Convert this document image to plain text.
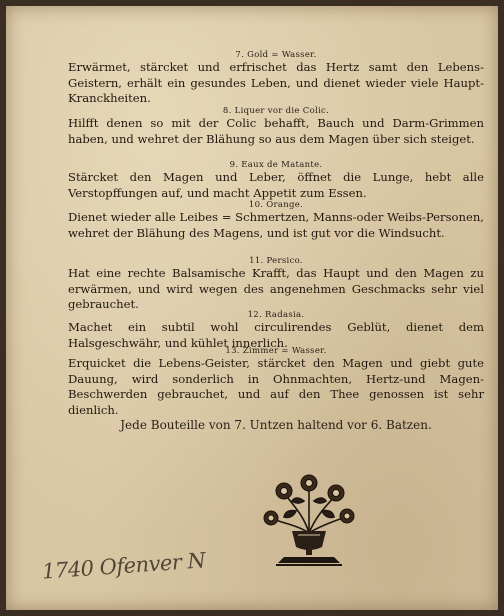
7. Gold = Wasser.
Erwärmet, stärcket und erfrischet das Hertz samt den Lebens-Geistern, erhält ein gesundes Leben, und dienet wieder viele Haupt-Kranckheiten.
8. Liquer vor die Colic.
Hilfft denen so mit der Colic behafft, Bauch und Darm-Grimmen haben, und wehret der Blähung so aus dem Magen über sich steiget.
9. Eaux de Matante.
Stärcket den Magen und Leber, öffnet die Lunge, hebt alle Verstopffungen auf, und macht Appetit zum Essen.
10. Orange.
Dienet wieder alle Leibes = Schmertzen, Manns-oder Weibs-Personen, wehret der Blähung des Magens, und ist gut vor die Windsucht.
11. Persico.
Hat eine rechte Balsamische Krafft, das Haupt und den Magen zu erwärmen, und wird wegen des angenehmen Geschmacks sehr viel gebrauchet.
12. Radasia.
Machet ein subtil wohl circulirendes Geblüt, dienet dem Halsgeschwähr, und kühlet innerlich.
13. Zimmer = Wasser.
Erquicket die Lebens-Geister, stärcket den Magen und giebt gute Dauung, wird sonderlich in Ohnmachten, Hertz-und Magen-Beschwerden gebrauchet, und auf den Thee genossen ist sehr dienlich.
Jede Bouteille von 7. Untzen haltend vor 6. Batzen.
1740 Ofenver N
